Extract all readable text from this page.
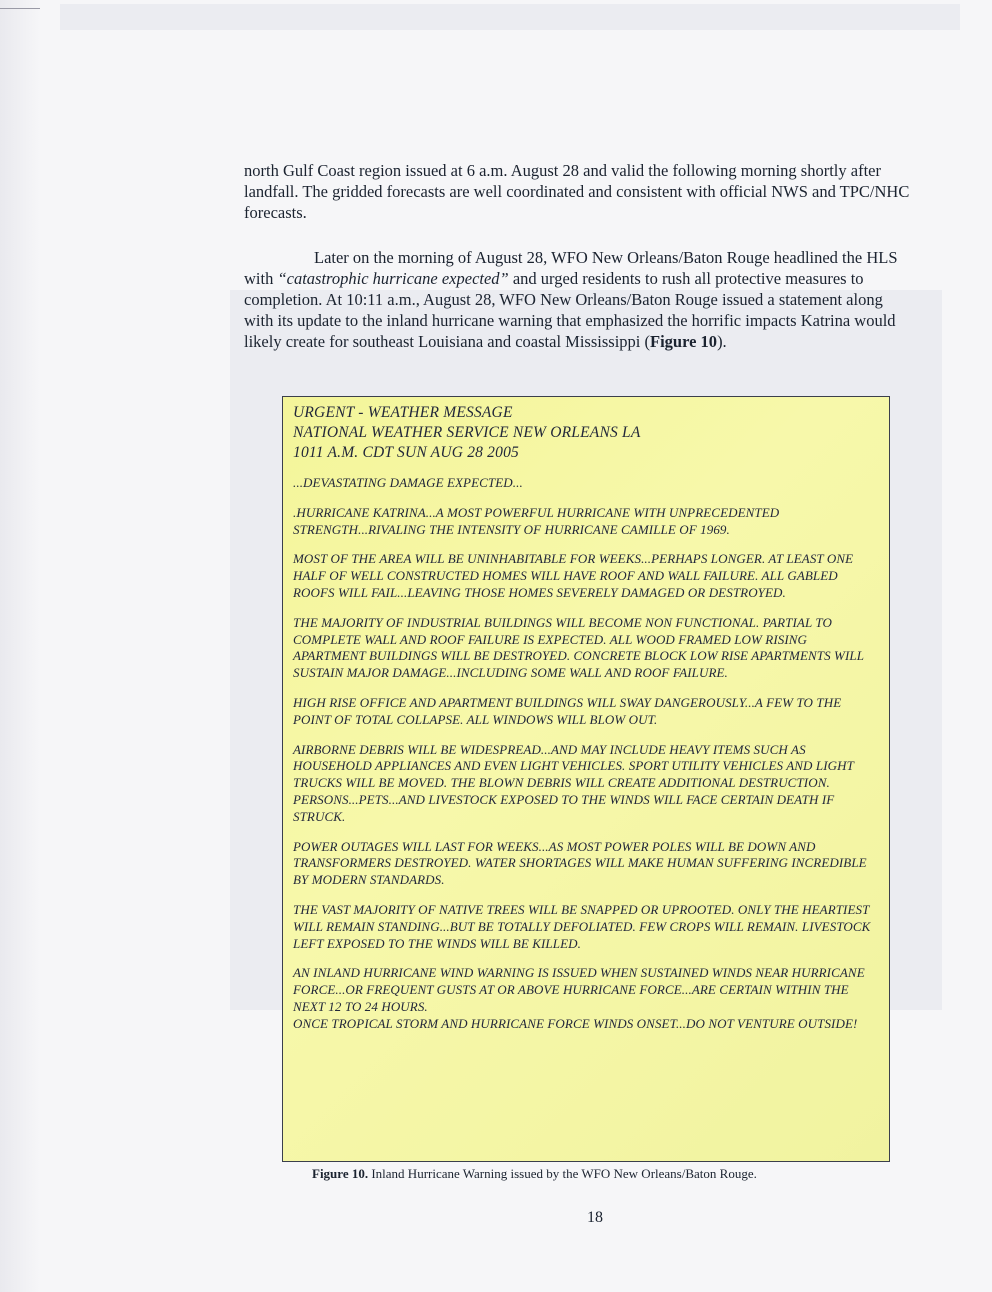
north Gulf Coast region issued at 6 a.m. August 28 and valid the following morning shortly after landfall. The gridded forecasts are well coordinated and consistent with official NWS and TPC/NHC forecasts.

Later on the morning of August 28, WFO New Orleans/Baton Rouge headlined the HLS with “catastrophic hurricane expected” and urged residents to rush all protective measures to completion. At 10:11 a.m., August 28, WFO New Orleans/Baton Rouge issued a statement along with its update to the inland hurricane warning that emphasized the horrific impacts Katrina would likely create for southeast Louisiana and coastal Mississippi (Figure 10).

URGENT - WEATHER MESSAGE
NATIONAL WEATHER SERVICE NEW ORLEANS LA
1011 A.M. CDT SUN AUG 28 2005
...DEVASTATING DAMAGE EXPECTED...
.HURRICANE KATRINA...A MOST POWERFUL HURRICANE WITH UNPRECEDENTED STRENGTH...RIVALING THE INTENSITY OF HURRICANE CAMILLE OF 1969.
MOST OF THE AREA WILL BE UNINHABITABLE FOR WEEKS...PERHAPS LONGER. AT LEAST ONE HALF OF WELL CONSTRUCTED HOMES WILL HAVE ROOF AND WALL FAILURE. ALL GABLED ROOFS WILL FAIL...LEAVING THOSE HOMES SEVERELY DAMAGED OR DESTROYED.
THE MAJORITY OF INDUSTRIAL BUILDINGS WILL BECOME NON FUNCTIONAL. PARTIAL TO COMPLETE WALL AND ROOF FAILURE IS EXPECTED. ALL WOOD FRAMED LOW RISING APARTMENT BUILDINGS WILL BE DESTROYED. CONCRETE BLOCK LOW RISE APARTMENTS WILL SUSTAIN MAJOR DAMAGE...INCLUDING SOME WALL AND ROOF FAILURE.
HIGH RISE OFFICE AND APARTMENT BUILDINGS WILL SWAY DANGEROUSLY...A FEW TO THE POINT OF TOTAL COLLAPSE. ALL WINDOWS WILL BLOW OUT.
AIRBORNE DEBRIS WILL BE WIDESPREAD...AND MAY INCLUDE HEAVY ITEMS SUCH AS HOUSEHOLD APPLIANCES AND EVEN LIGHT VEHICLES. SPORT UTILITY VEHICLES AND LIGHT TRUCKS WILL BE MOVED. THE BLOWN DEBRIS WILL CREATE ADDITIONAL DESTRUCTION. PERSONS...PETS...AND LIVESTOCK EXPOSED TO THE WINDS WILL FACE CERTAIN DEATH IF STRUCK.
POWER OUTAGES WILL LAST FOR WEEKS...AS MOST POWER POLES WILL BE DOWN AND TRANSFORMERS DESTROYED. WATER SHORTAGES WILL MAKE HUMAN SUFFERING INCREDIBLE BY MODERN STANDARDS.
THE VAST MAJORITY OF NATIVE TREES WILL BE SNAPPED OR UPROOTED. ONLY THE HEARTIEST WILL REMAIN STANDING...BUT BE TOTALLY DEFOLIATED. FEW CROPS WILL REMAIN. LIVESTOCK LEFT EXPOSED TO THE WINDS WILL BE KILLED.
AN INLAND HURRICANE WIND WARNING IS ISSUED WHEN SUSTAINED WINDS NEAR HURRICANE FORCE...OR FREQUENT GUSTS AT OR ABOVE HURRICANE FORCE...ARE CERTAIN WITHIN THE NEXT 12 TO 24 HOURS.
ONCE TROPICAL STORM AND HURRICANE FORCE WINDS ONSET...DO NOT VENTURE OUTSIDE!
Figure 10. Inland Hurricane Warning issued by the WFO New Orleans/Baton Rouge.
18
